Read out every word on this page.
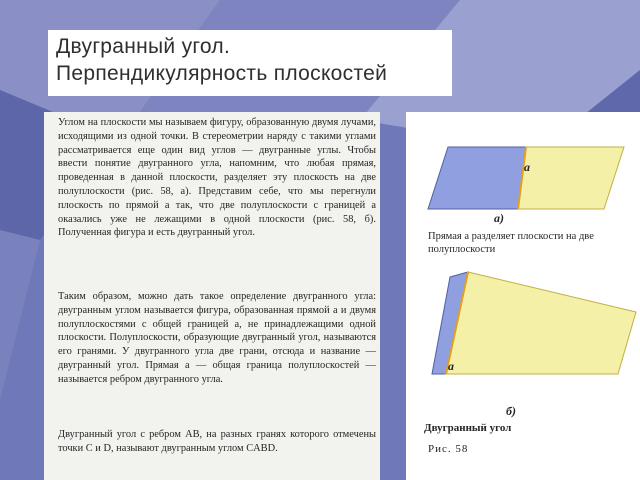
Двугранный угол.
Перпендикулярность плоскостей
Углом на плоскости мы называем фигуру, образованную двумя лучами, исходящими из одной точки. В стереометрии наряду с такими углами рассматривается еще один вид углов — двугранные углы. Чтобы ввести понятие двугранного угла, напомним, что любая прямая, проведенная в данной плоскости, разделяет эту плоскость на две полуплоскости (рис. 58, а). Представим себе, что мы перегнули плоскость по прямой а так, что две полуплоскости с границей а оказались уже не лежащими в одной плоскости (рис. 58, б). Полученная фигура и есть двугранный угол.
Таким образом, можно дать такое определение двугранного угла: двугранным углом называется фигура, образованная прямой а и двумя полуплоскостями с общей границей а, не принадлежащими одной плоскости. Полуплоскости, образующие двугранный угол, называются его гранями. У двугранного угла две грани, отсюда и название — двугранный угол. Прямая а — общая граница полуплоскостей — называется ребром двугранного угла.
Двугранный угол с ребром AB, на разных гранях которого отмечены точки C и D, называют двугранным углом CABD.
a
а)
Прямая а разделяет плоскости на две полуплоскости
a
б)
Двугранный угол
Рис. 58
